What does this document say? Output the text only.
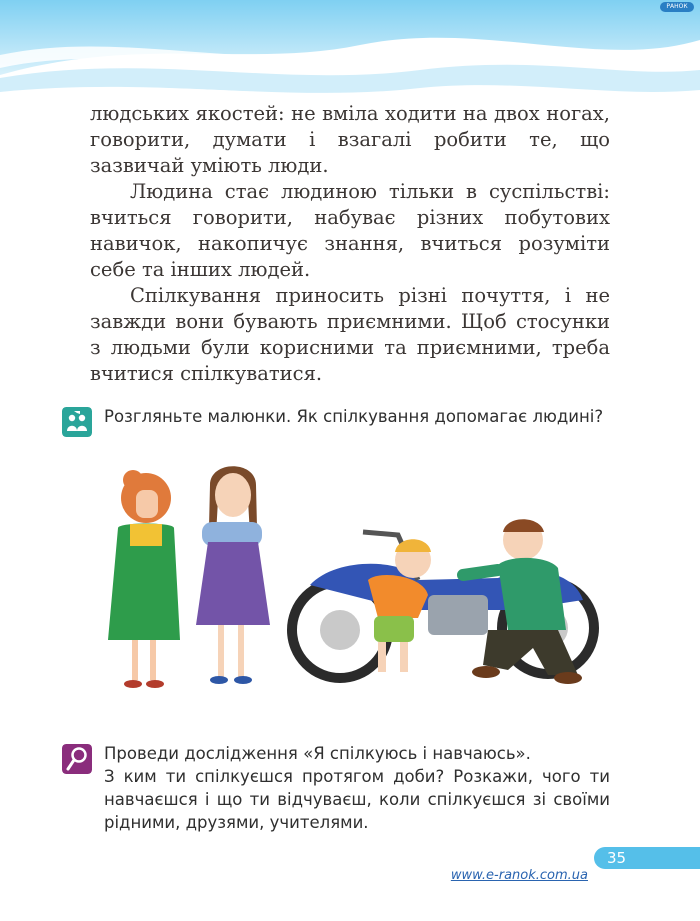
РАНОК

людських якостей: не вміла ходити на двох ногах, говорити, думати і взагалі робити те, що зазвичай уміють люди.

Людина стає людиною тільки в суспільстві: вчиться говорити, набуває різних побутових навичок, накопичує знання, вчиться розуміти себе та інших людей.

Спілкування приносить різні почуття, і не завжди вони бувають приємними. Щоб стосунки з людьми були корисними та приємними, треба вчитися спілкуватися.

Розгляньте малюнки. Як спілкування допомагає людині?
Проведи дослідження «Я спілкуюсь і навчаюсь».
З ким ти спілкуєшся протягом доби? Розкажи, чого ти навчаєшся і що ти відчуваєш, коли спілкуєшся зі своїми рідними, друзями, учителями.
35
www.e-ranok.com.ua
